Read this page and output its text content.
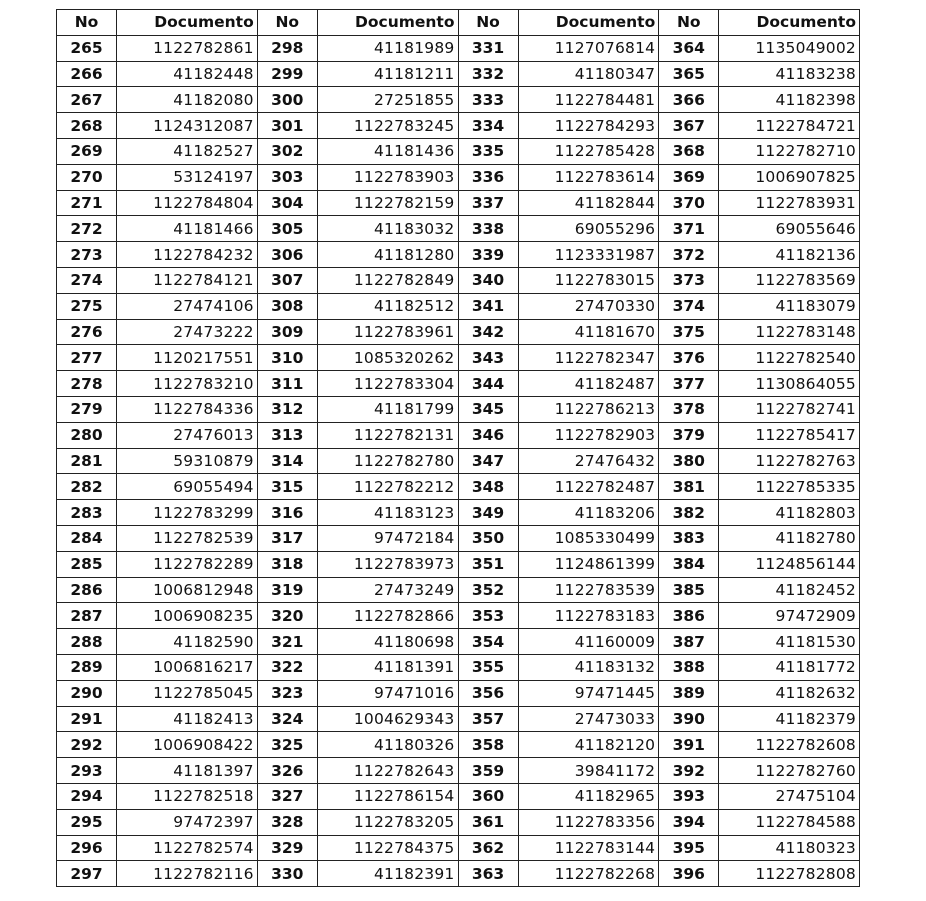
No	Documento	No	Documento	No	Documento	No	Documento
265	1122782861	298	41181989	331	1127076814	364	1135049002
266	41182448	299	41181211	332	41180347	365	41183238
267	41182080	300	27251855	333	1122784481	366	41182398
268	1124312087	301	1122783245	334	1122784293	367	1122784721
269	41182527	302	41181436	335	1122785428	368	1122782710
270	53124197	303	1122783903	336	1122783614	369	1006907825
271	1122784804	304	1122782159	337	41182844	370	1122783931
272	41181466	305	41183032	338	69055296	371	69055646
273	1122784232	306	41181280	339	1123331987	372	41182136
274	1122784121	307	1122782849	340	1122783015	373	1122783569
275	27474106	308	41182512	341	27470330	374	41183079
276	27473222	309	1122783961	342	41181670	375	1122783148
277	1120217551	310	1085320262	343	1122782347	376	1122782540
278	1122783210	311	1122783304	344	41182487	377	1130864055
279	1122784336	312	41181799	345	1122786213	378	1122782741
280	27476013	313	1122782131	346	1122782903	379	1122785417
281	59310879	314	1122782780	347	27476432	380	1122782763
282	69055494	315	1122782212	348	1122782487	381	1122785335
283	1122783299	316	41183123	349	41183206	382	41182803
284	1122782539	317	97472184	350	1085330499	383	41182780
285	1122782289	318	1122783973	351	1124861399	384	1124856144
286	1006812948	319	27473249	352	1122783539	385	41182452
287	1006908235	320	1122782866	353	1122783183	386	97472909
288	41182590	321	41180698	354	41160009	387	41181530
289	1006816217	322	41181391	355	41183132	388	41181772
290	1122785045	323	97471016	356	97471445	389	41182632
291	41182413	324	1004629343	357	27473033	390	41182379
292	1006908422	325	41180326	358	41182120	391	1122782608
293	41181397	326	1122782643	359	39841172	392	1122782760
294	1122782518	327	1122786154	360	41182965	393	27475104
295	97472397	328	1122783205	361	1122783356	394	1122784588
296	1122782574	329	1122784375	362	1122783144	395	41180323
297	1122782116	330	41182391	363	1122782268	396	1122782808
